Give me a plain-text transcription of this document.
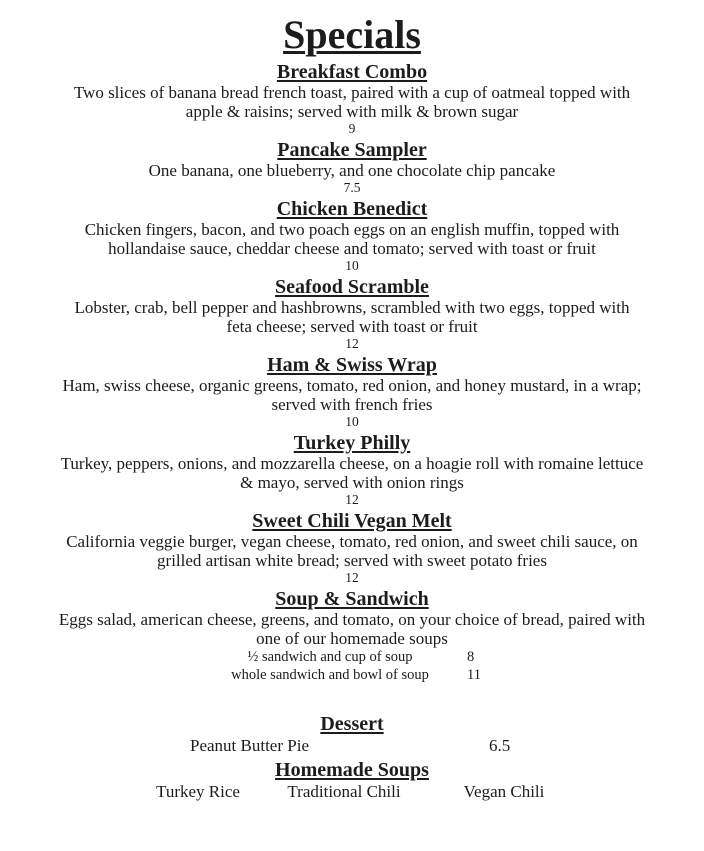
Specials
Breakfast Combo
Two slices of banana bread french toast, paired with a cup of oatmeal topped with
apple & raisins; served with milk & brown sugar
9
Pancake Sampler
One banana, one blueberry, and one chocolate chip pancake
7.5
Chicken Benedict
Chicken fingers, bacon, and two poach eggs on an english muffin, topped with
hollandaise sauce, cheddar cheese and tomato; served with toast or fruit
10
Seafood Scramble
Lobster, crab, bell pepper and hashbrowns, scrambled with two eggs, topped with
feta cheese; served with toast or fruit
12
Ham & Swiss Wrap
Ham, swiss cheese, organic greens, tomato, red onion, and honey mustard, in a wrap;
served with french fries
10
Turkey Philly
Turkey, peppers, onions, and mozzarella cheese, on a hoagie roll with romaine lettuce
& mayo, served with onion rings
12
Sweet Chili Vegan Melt
California veggie burger, vegan cheese, tomato, red onion, and sweet chili sauce, on
grilled artisan white bread; served with sweet potato fries
12
Soup & Sandwich
Eggs salad, american cheese, greens, and tomato, on your choice of bread, paired with
one of our homemade soups
½ sandwich and cup of soup	8
whole sandwich and bowl of soup	11
Dessert
Peanut Butter Pie	6.5
Homemade Soups
Turkey Rice	Traditional Chili	Vegan Chili
